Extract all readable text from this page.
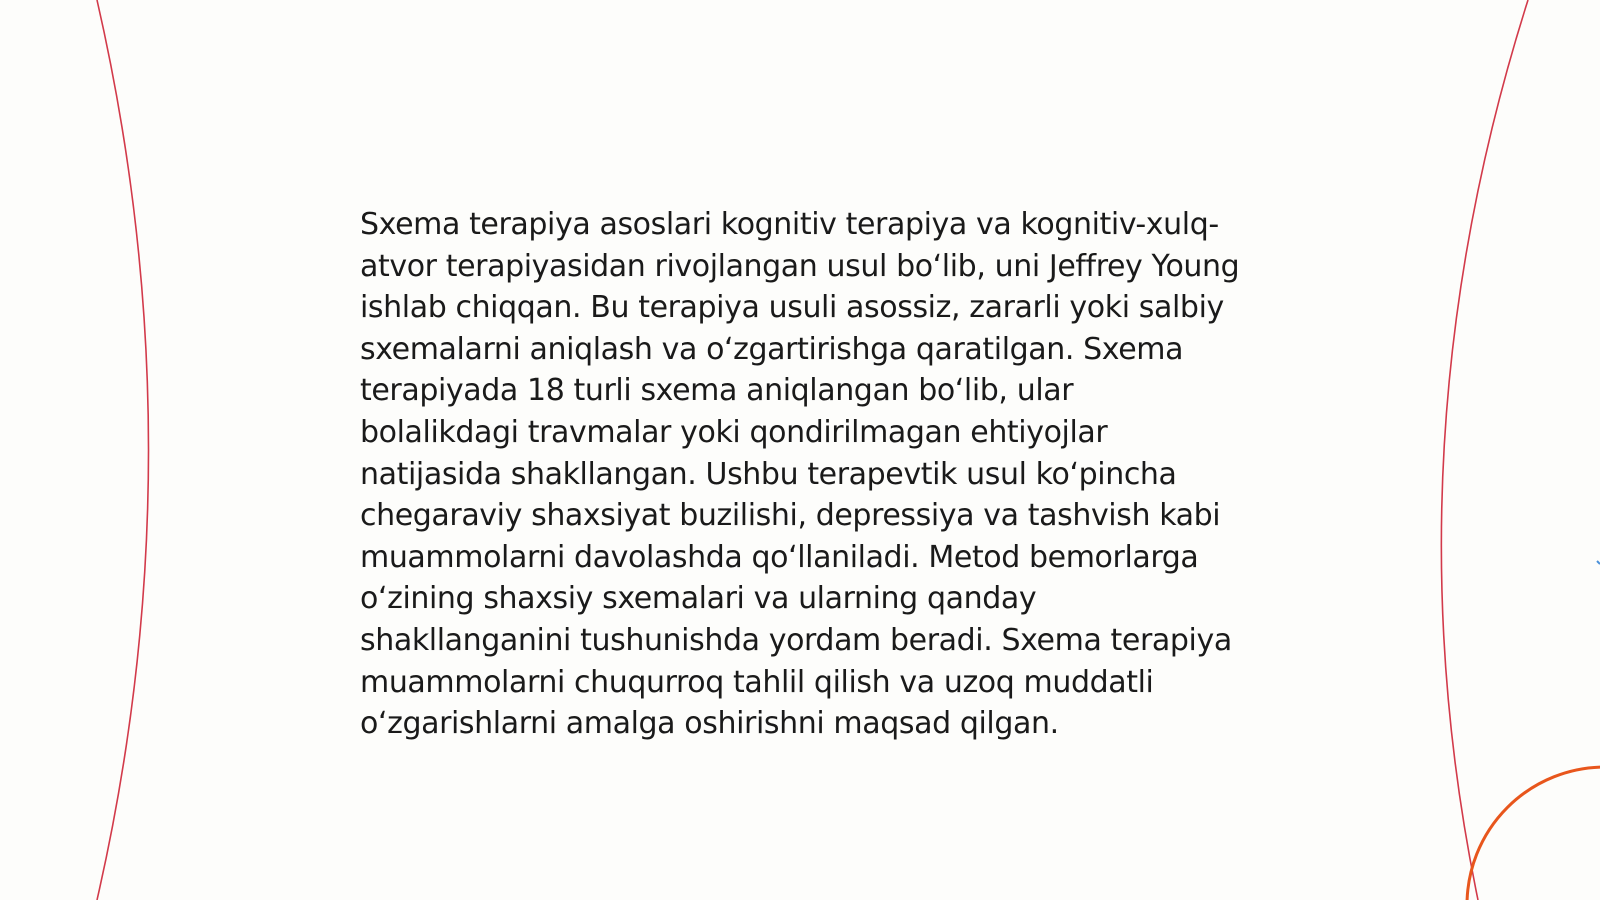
Sxema terapiya asoslari kognitiv terapiya va kognitiv-xulq-atvor terapiyasidan rivojlangan usul bo‘lib, uni Jeffrey Young ishlab chiqqan. Bu terapiya usuli asossiz, zararli yoki salbiy sxemalarni aniqlash va o‘zgartirishga qaratilgan. Sxema terapiyada 18 turli sxema aniqlangan bo‘lib, ular bolalikdagi travmalar yoki qondirilmagan ehtiyojlar natijasida shakllangan. Ushbu terapevtik usul ko‘pincha chegaraviy shaxsiyat buzilishi, depressiya va tashvish kabi muammolarni davolashda qo‘llaniladi. Metod bemorlarga o‘zining shaxsiy sxemalari va ularning qanday shakllanganini tushunishda yordam beradi. Sxema terapiya muammolarni chuqurroq tahlil qilish va uzoq muddatli o‘zgarishlarni amalga oshirishni maqsad qilgan.
